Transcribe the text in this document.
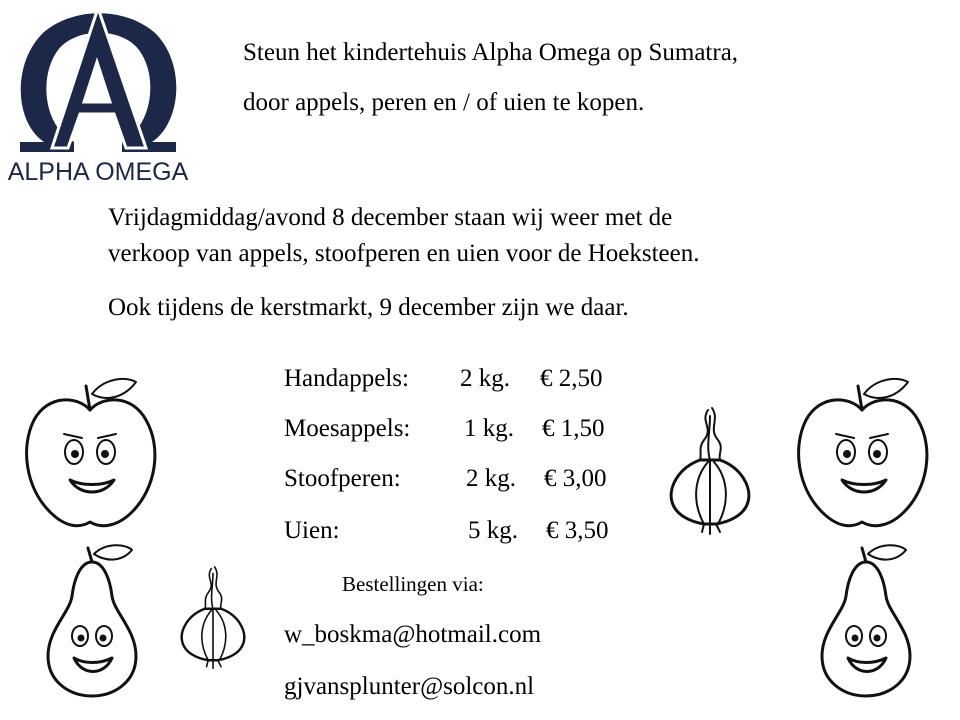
ALPHA OMEGA
Steun het kindertehuis Alpha Omega op Sumatra,
door appels, peren en / of uien te kopen.
Vrijdagmiddag/avond 8 december staan wij weer met de
verkoop van appels, stoofperen en uien voor de Hoeksteen.
Ook tijdens de kerstmarkt, 9 december zijn we daar.
Handappels: 2 kg. € 2,50
Moesappels: 1 kg. € 1,50
Stoofperen:	2 kg. € 3,00
Uien:	5 kg. € 3,50
Bestellingen via:
w_boskma@hotmail.com
gjvansplunter@solcon.nl
